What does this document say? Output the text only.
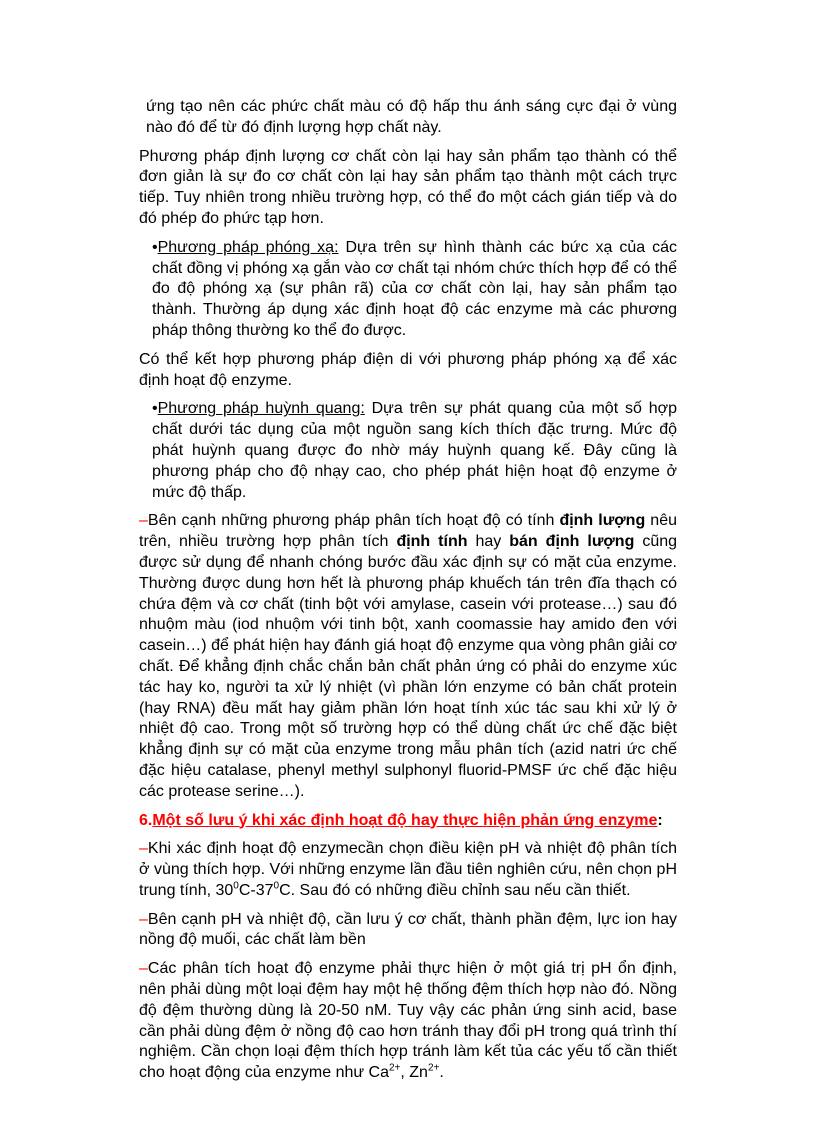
ứng tạo nên các phức chất màu có độ hấp thu ánh sáng cực đại ở vùng nào đó để từ đó định lượng hợp chất này.

Phương pháp định lượng cơ chất còn lại hay sản phẩm tạo thành có thể đơn giản là sự đo cơ chất còn lại hay sản phẩm tạo thành một cách trực tiếp. Tuy nhiên trong nhiều trường hợp, có thể đo một cách gián tiếp và do đó phép đo phức tạp hơn.

•Phương pháp phóng xạ: Dựa trên sự hình thành các bức xạ của các chất đồng vị phóng xạ gắn vào cơ chất tại nhóm chức thích hợp để có thể đo độ phóng xạ (sự phân rã) của cơ chất còn lại, hay sản phẩm tạo thành. Thường áp dụng xác định hoạt độ các enzyme mà các phương pháp thông thường ko thể đo được.

Có thể kết hợp phương pháp điện di với phương pháp phóng xạ để xác định hoạt độ enzyme.

•Phương pháp huỳnh quang: Dựa trên sự phát quang của một số hợp chất dưới tác dụng của một nguồn sang kích thích đặc trưng. Mức độ phát huỳnh quang được đo nhờ máy huỳnh quang kế. Đây cũng là phương pháp cho độ nhạy cao, cho phép phát hiện hoạt độ enzyme ở mức độ thấp.

–Bên cạnh những phương pháp phân tích hoạt độ có tính định lượng nêu trên, nhiều trường hợp phân tích định tính hay bán định lượng cũng được sử dụng để nhanh chóng bước đầu xác định sự có mặt của enzyme. Thường được dung hơn hết là phương pháp khuếch tán trên đĩa thạch có chứa đệm và cơ chất (tinh bột với amylase, casein với protease…) sau đó nhuộm màu (iod nhuộm với tinh bột, xanh coomassie hay amido đen với casein…) để phát hiện hay đánh giá hoạt độ enzyme qua vòng phân giải cơ chất. Để khẳng định chắc chắn bản chất phản ứng có phải do enzyme xúc tác hay ko, người ta xử lý nhiệt (vì phần lớn enzyme có bản chất protein (hay RNA) đều mất hay giảm phần lớn hoạt tính xúc tác sau khi xử lý ở nhiệt độ cao. Trong một số trường hợp có thể dùng chất ức chế đặc biệt khẳng định sự có mặt của enzyme trong mẫu phân tích (azid natri ức chế đặc hiệu catalase, phenyl methyl sulphonyl fluorid-PMSF ức chế đặc hiệu các protease serine…).

6.Một số lưu ý khi xác định hoạt độ hay thực hiện phản ứng enzyme:

–Khi xác định hoạt độ enzymecần chọn điều kiện pH và nhiệt độ phân tích ở vùng thích hợp. Với những enzyme lần đầu tiên nghiên cứu, nên chọn pH trung tính, $30^0C-37^0C$. Sau đó có những điều chỉnh sau nếu cần thiết.

–Bên cạnh pH và nhiệt độ, cần lưu ý cơ chất, thành phần đệm, lực ion hay nồng độ muối, các chất làm bền

–Các phân tích hoạt độ enzyme phải thực hiện ở một giá trị pH ổn định, nên phải dùng một loại đệm hay một hệ thống đệm thích hợp nào đó. Nồng độ đệm thường dùng là 20-50 nM. Tuy vậy các phản ứng sinh acid, base cần phải dùng đệm ở nồng độ cao hơn tránh thay đổi pH trong quá trình thí nghiệm. Cần chọn loại đệm thích hợp tránh làm kết tủa các yếu tố cần thiết cho hoạt động của enzyme như $Ca^{2+}$, $Zn^{2+}$.
